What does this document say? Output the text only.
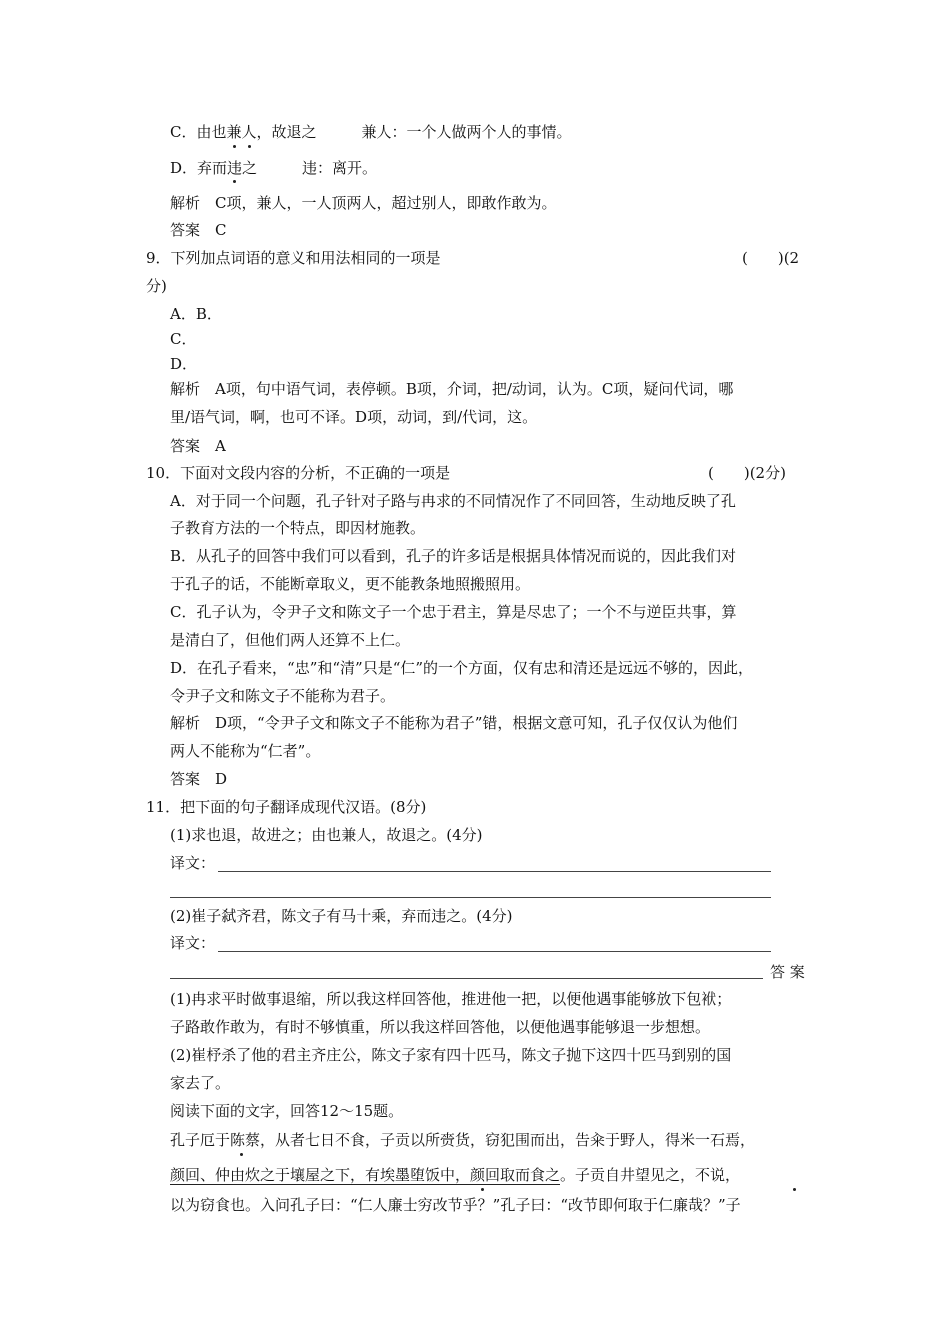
C．由也兼人，故退之　　　兼人：一个人做两个人的事情。
D．弃而违之　　　违：离开。
解析　C项，兼人，一人顶两人，超过别人，即敢作敢为。
答案　C
9．下列加点词语的意义和用法相同的一项是	(　　)(2
分)
A．B．
C．
D．
解析　A项，句中语气词，表停顿。B项，介词，把/动词，认为。C项，疑问代词，哪
里/语气词，啊，也可不译。D项，动词，到/代词，这。
答案　A
10．下面对文段内容的分析，不正确的一项是	(　　)(2分)
A．对于同一个问题，孔子针对子路与冉求的不同情况作了不同回答，生动地反映了孔
子教育方法的一个特点，即因材施教。
B．从孔子的回答中我们可以看到，孔子的许多话是根据具体情况而说的，因此我们对
于孔子的话，不能断章取义，更不能教条地照搬照用。
C．孔子认为，令尹子文和陈文子一个忠于君主，算是尽忠了；一个不与逆臣共事，算
是清白了，但他们两人还算不上仁。
D．在孔子看来，“忠”和“清”只是“仁”的一个方面，仅有忠和清还是远远不够的，因此，
令尹子文和陈文子不能称为君子。
解析　D项，“令尹子文和陈文子不能称为君子”错，根据文意可知，孔子仅仅认为他们
两人不能称为“仁者”。
答案　D
11．把下面的句子翻译成现代汉语。(8分)
(1)求也退，故进之；由也兼人，故退之。(4分)
译文：
(2)崔子弑齐君，陈文子有马十乘，弃而违之。(4分)
译文：
答 案
(1)冉求平时做事退缩，所以我这样回答他，推进他一把，以便他遇事能够放下包袱；
子路敢作敢为，有时不够慎重，所以我这样回答他，以便他遇事能够退一步想想。
(2)崔杼杀了他的君主齐庄公，陈文子家有四十匹马，陈文子抛下这四十匹马到别的国
家去了。
阅读下面的文字，回答12～15题。
孔子厄于陈蔡，从者七日不食，子贡以所赍货，窃犯围而出，告籴于野人，得米一石焉，
颜回、仲由炊之于壤屋之下，有埃墨堕饭中，颜回取而食之。子贡自井望见之，不说，
以为窃食也。入问孔子曰：“仁人廉士穷改节乎？”孔子曰：“改节即何取于仁廉哉？”子
